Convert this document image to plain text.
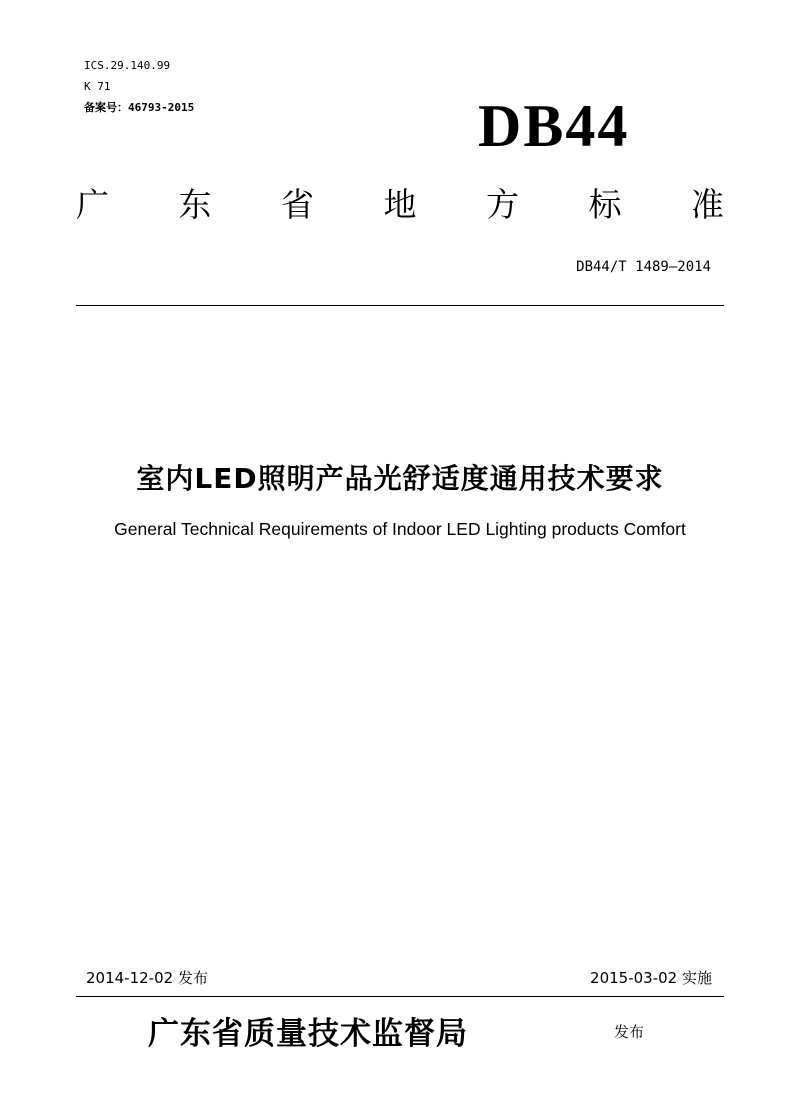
ICS.29.140.99
K 71
备案号：46793-2015	DB44
广 东 省 地 方 标 准
DB44/T 1489—2014
室内LED照明产品光舒适度通用技术要求
General Technical Requirements of Indoor LED Lighting products Comfort
2014-12-02 发布	2015-03-02 实施
广东省质量技术监督局	发布
